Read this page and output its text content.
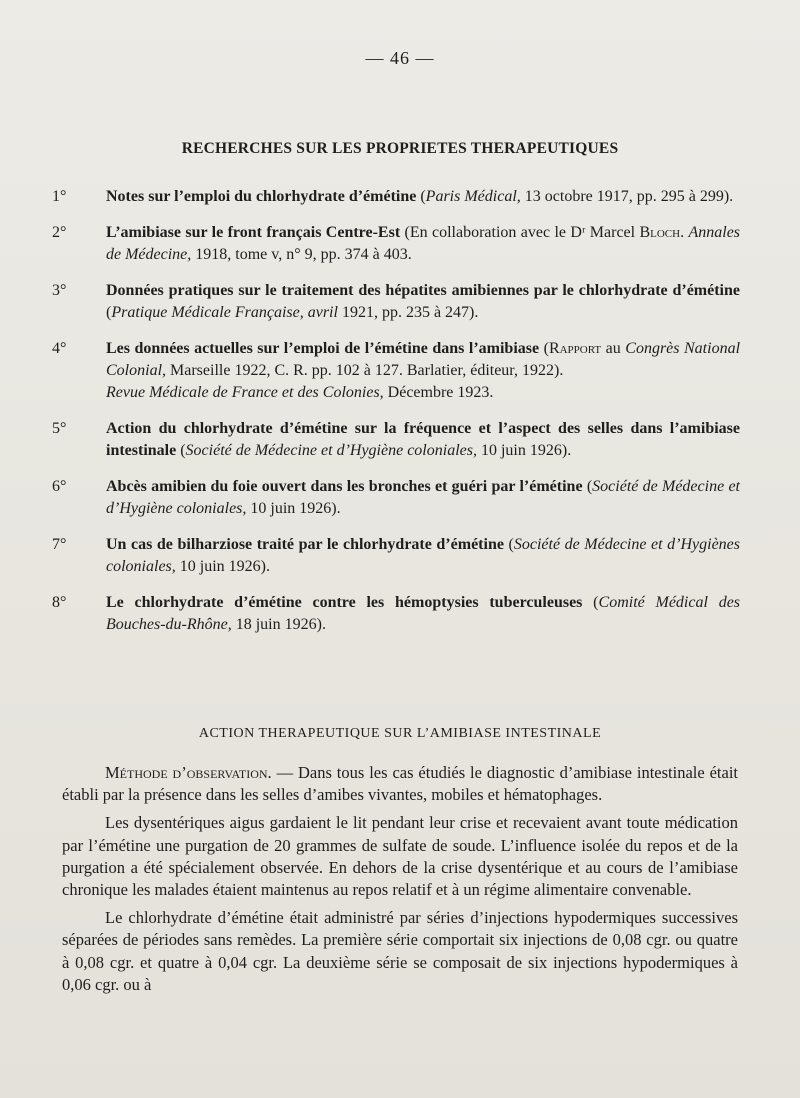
— 46 —
RECHERCHES SUR LES PROPRIETES THERAPEUTIQUES
1°	Notes sur l’emploi du chlorhydrate d’émétine (Paris Médical, 13 octobre 1917, pp. 295 à 299).
2°	L’amibiase sur le front français Centre-Est (En collaboration avec le Dʳ Marcel Bloch. Annales de Médecine, 1918, tome v, n° 9, pp. 374 à 403.
3°	Données pratiques sur le traitement des hépatites amibiennes par le chlorhydrate d’émétine (Pratique Médicale Française, avril 1921, pp. 235 à 247).
4°	Les données actuelles sur l’emploi de l’émétine dans l’amibiase (Rapport au Congrès National Colonial, Marseille 1922, C. R. pp. 102 à 127. Barlatier, éditeur, 1922).
Revue Médicale de France et des Colonies, Décembre 1923.
5°	Action du chlorhydrate d’émétine sur la fréquence et l’aspect des selles dans l’amibiase intestinale (Société de Médecine et d’Hygiène coloniales, 10 juin 1926).
6°	Abcès amibien du foie ouvert dans les bronches et guéri par l’émétine (Société de Médecine et d’Hygiène coloniales, 10 juin 1926).
7°	Un cas de bilharziose traité par le chlorhydrate d’émétine (Société de Médecine et d’Hygiènes coloniales, 10 juin 1926).
8°	Le chlorhydrate d’émétine contre les hémoptysies tuberculeuses (Comité Médical des Bouches-du-Rhône, 18 juin 1926).
ACTION THERAPEUTIQUE SUR L’AMIBIASE INTESTINALE

Méthode d’observation. — Dans tous les cas étudiés le diagnostic d’amibiase intestinale était établi par la présence dans les selles d’amibes vivantes, mobiles et hématophages.

Les dysentériques aigus gardaient le lit pendant leur crise et recevaient avant toute médication par l’émétine une purgation de 20 grammes de sulfate de soude. L’influence isolée du repos et de la purgation a été spécialement observée. En dehors de la crise dysentérique et au cours de l’amibiase chronique les malades étaient maintenus au repos relatif et à un régime alimentaire convenable.

Le chlorhydrate d’émétine était administré par séries d’injections hypodermiques successives séparées de périodes sans remèdes. La première série comportait six injections de 0,08 cgr. ou quatre à 0,08 cgr. et quatre à 0,04 cgr. La deuxième série se composait de six injections hypodermiques à 0,06 cgr. ou à
